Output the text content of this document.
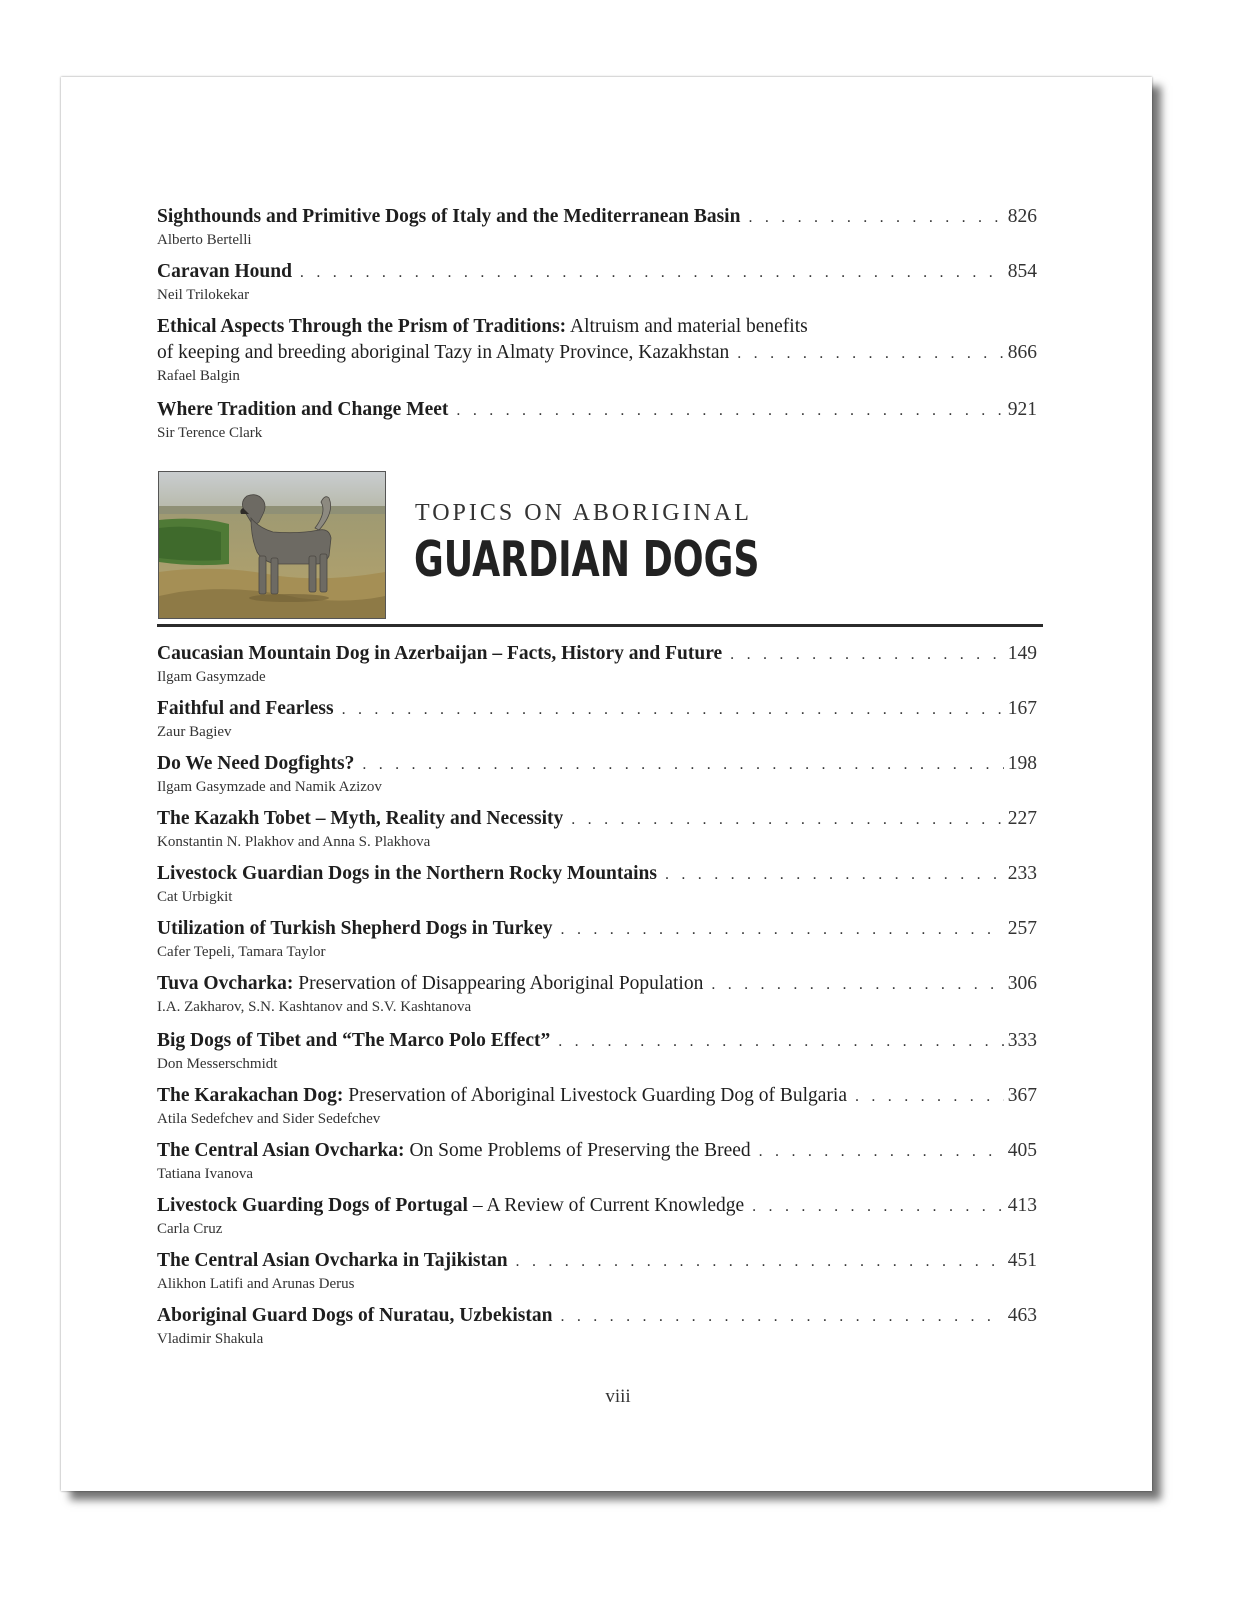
Sighthounds and Primitive Dogs of Italy and the Mediterranean Basin . . .	826
Alberto Bertelli
Caravan Hound . . .	854
Neil Trilokekar
Ethical Aspects Through the Prism of Traditions: Altruism and material benefits
of keeping and breeding aboriginal Tazy in Almaty Province, Kazakhstan . . .	866
Rafael Balgin
Where Tradition and Change Meet . . .	921
Sir Terence Clark
TOPICS ON ABORIGINAL
GUARDIAN DOGS
Caucasian Mountain Dog in Azerbaijan – Facts, History and Future . . .	149
Ilgam Gasymzade
Faithful and Fearless . . .	167
Zaur Bagiev
Do We Need Dogfights? . . .	198
Ilgam Gasymzade and Namik Azizov
The Kazakh Tobet – Myth, Reality and Necessity . . .	227
Konstantin N. Plakhov and Anna S. Plakhova
Livestock Guardian Dogs in the Northern Rocky Mountains . . .	233
Cat Urbigkit
Utilization of Turkish Shepherd Dogs in Turkey . . .	257
Cafer Tepeli, Tamara Taylor
Tuva Ovcharka: Preservation of Disappearing Aboriginal Population . . .	306
I.A. Zakharov, S.N. Kashtanov and S.V. Kashtanova
Big Dogs of Tibet and “The Marco Polo Effect” . . .	333
Don Messerschmidt
The Karakachan Dog: Preservation of Aboriginal Livestock Guarding Dog of Bulgaria . . .	367
Atila Sedefchev and Sider Sedefchev
The Central Asian Ovcharka: On Some Problems of Preserving the Breed . . .	405
Tatiana Ivanova
Livestock Guarding Dogs of Portugal – A Review of Current Knowledge . . .	413
Carla Cruz
The Central Asian Ovcharka in Tajikistan . . .	451
Alikhon Latifi and Arunas Derus
Aboriginal Guard Dogs of Nuratau, Uzbekistan . . .	463
Vladimir Shakula
viii
